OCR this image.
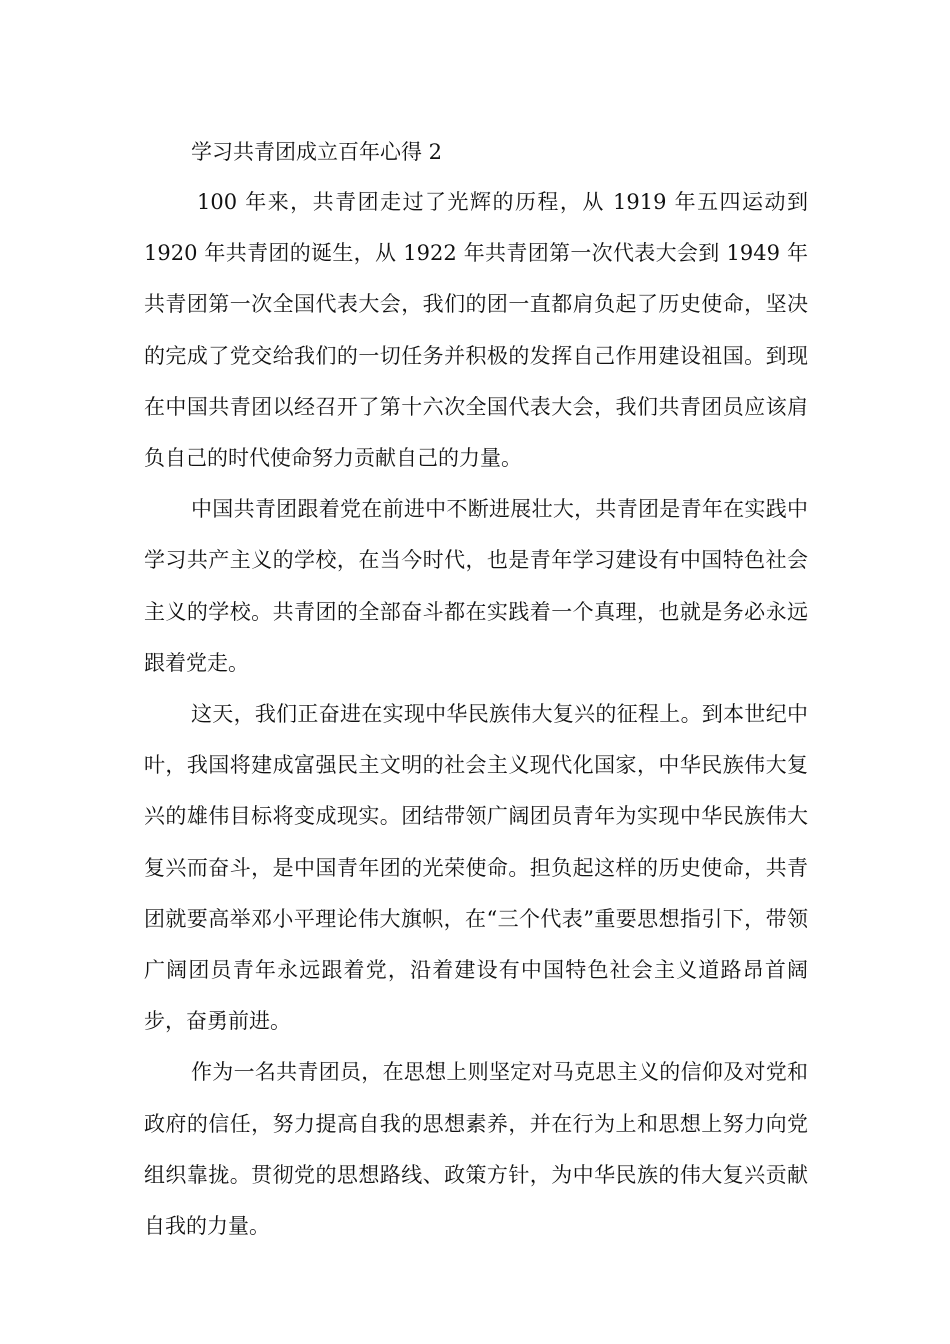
学习共青团成立百年心得 2

100 年来，共青团走过了光辉的历程，从 1919 年五四运动到 1920 年共青团的诞生，从 1922 年共青团第一次代表大会到 1949 年共青团第一次全国代表大会，我们的团一直都肩负起了历史使命，坚决的完成了党交给我们的一切任务并积极的发挥自己作用建设祖国。到现在中国共青团以经召开了第十六次全国代表大会，我们共青团员应该肩负自己的时代使命努力贡献自己的力量。

中国共青团跟着党在前进中不断进展壮大，共青团是青年在实践中学习共产主义的学校，在当今时代，也是青年学习建设有中国特色社会主义的学校。共青团的全部奋斗都在实践着一个真理，也就是务必永远跟着党走。

这天，我们正奋进在实现中华民族伟大复兴的征程上。到本世纪中叶，我国将建成富强民主文明的社会主义现代化国家，中华民族伟大复兴的雄伟目标将变成现实。团结带领广阔团员青年为实现中华民族伟大复兴而奋斗，是中国青年团的光荣使命。担负起这样的历史使命，共青团就要高举邓小平理论伟大旗帜，在“三个代表”重要思想指引下，带领广阔团员青年永远跟着党，沿着建设有中国特色社会主义道路昂首阔步，奋勇前进。

作为一名共青团员，在思想上则坚定对马克思主义的信仰及对党和政府的信任，努力提高自我的思想素养，并在行为上和思想上努力向党组织靠拢。贯彻党的思想路线、政策方针，为中华民族的伟大复兴贡献自我的力量。
